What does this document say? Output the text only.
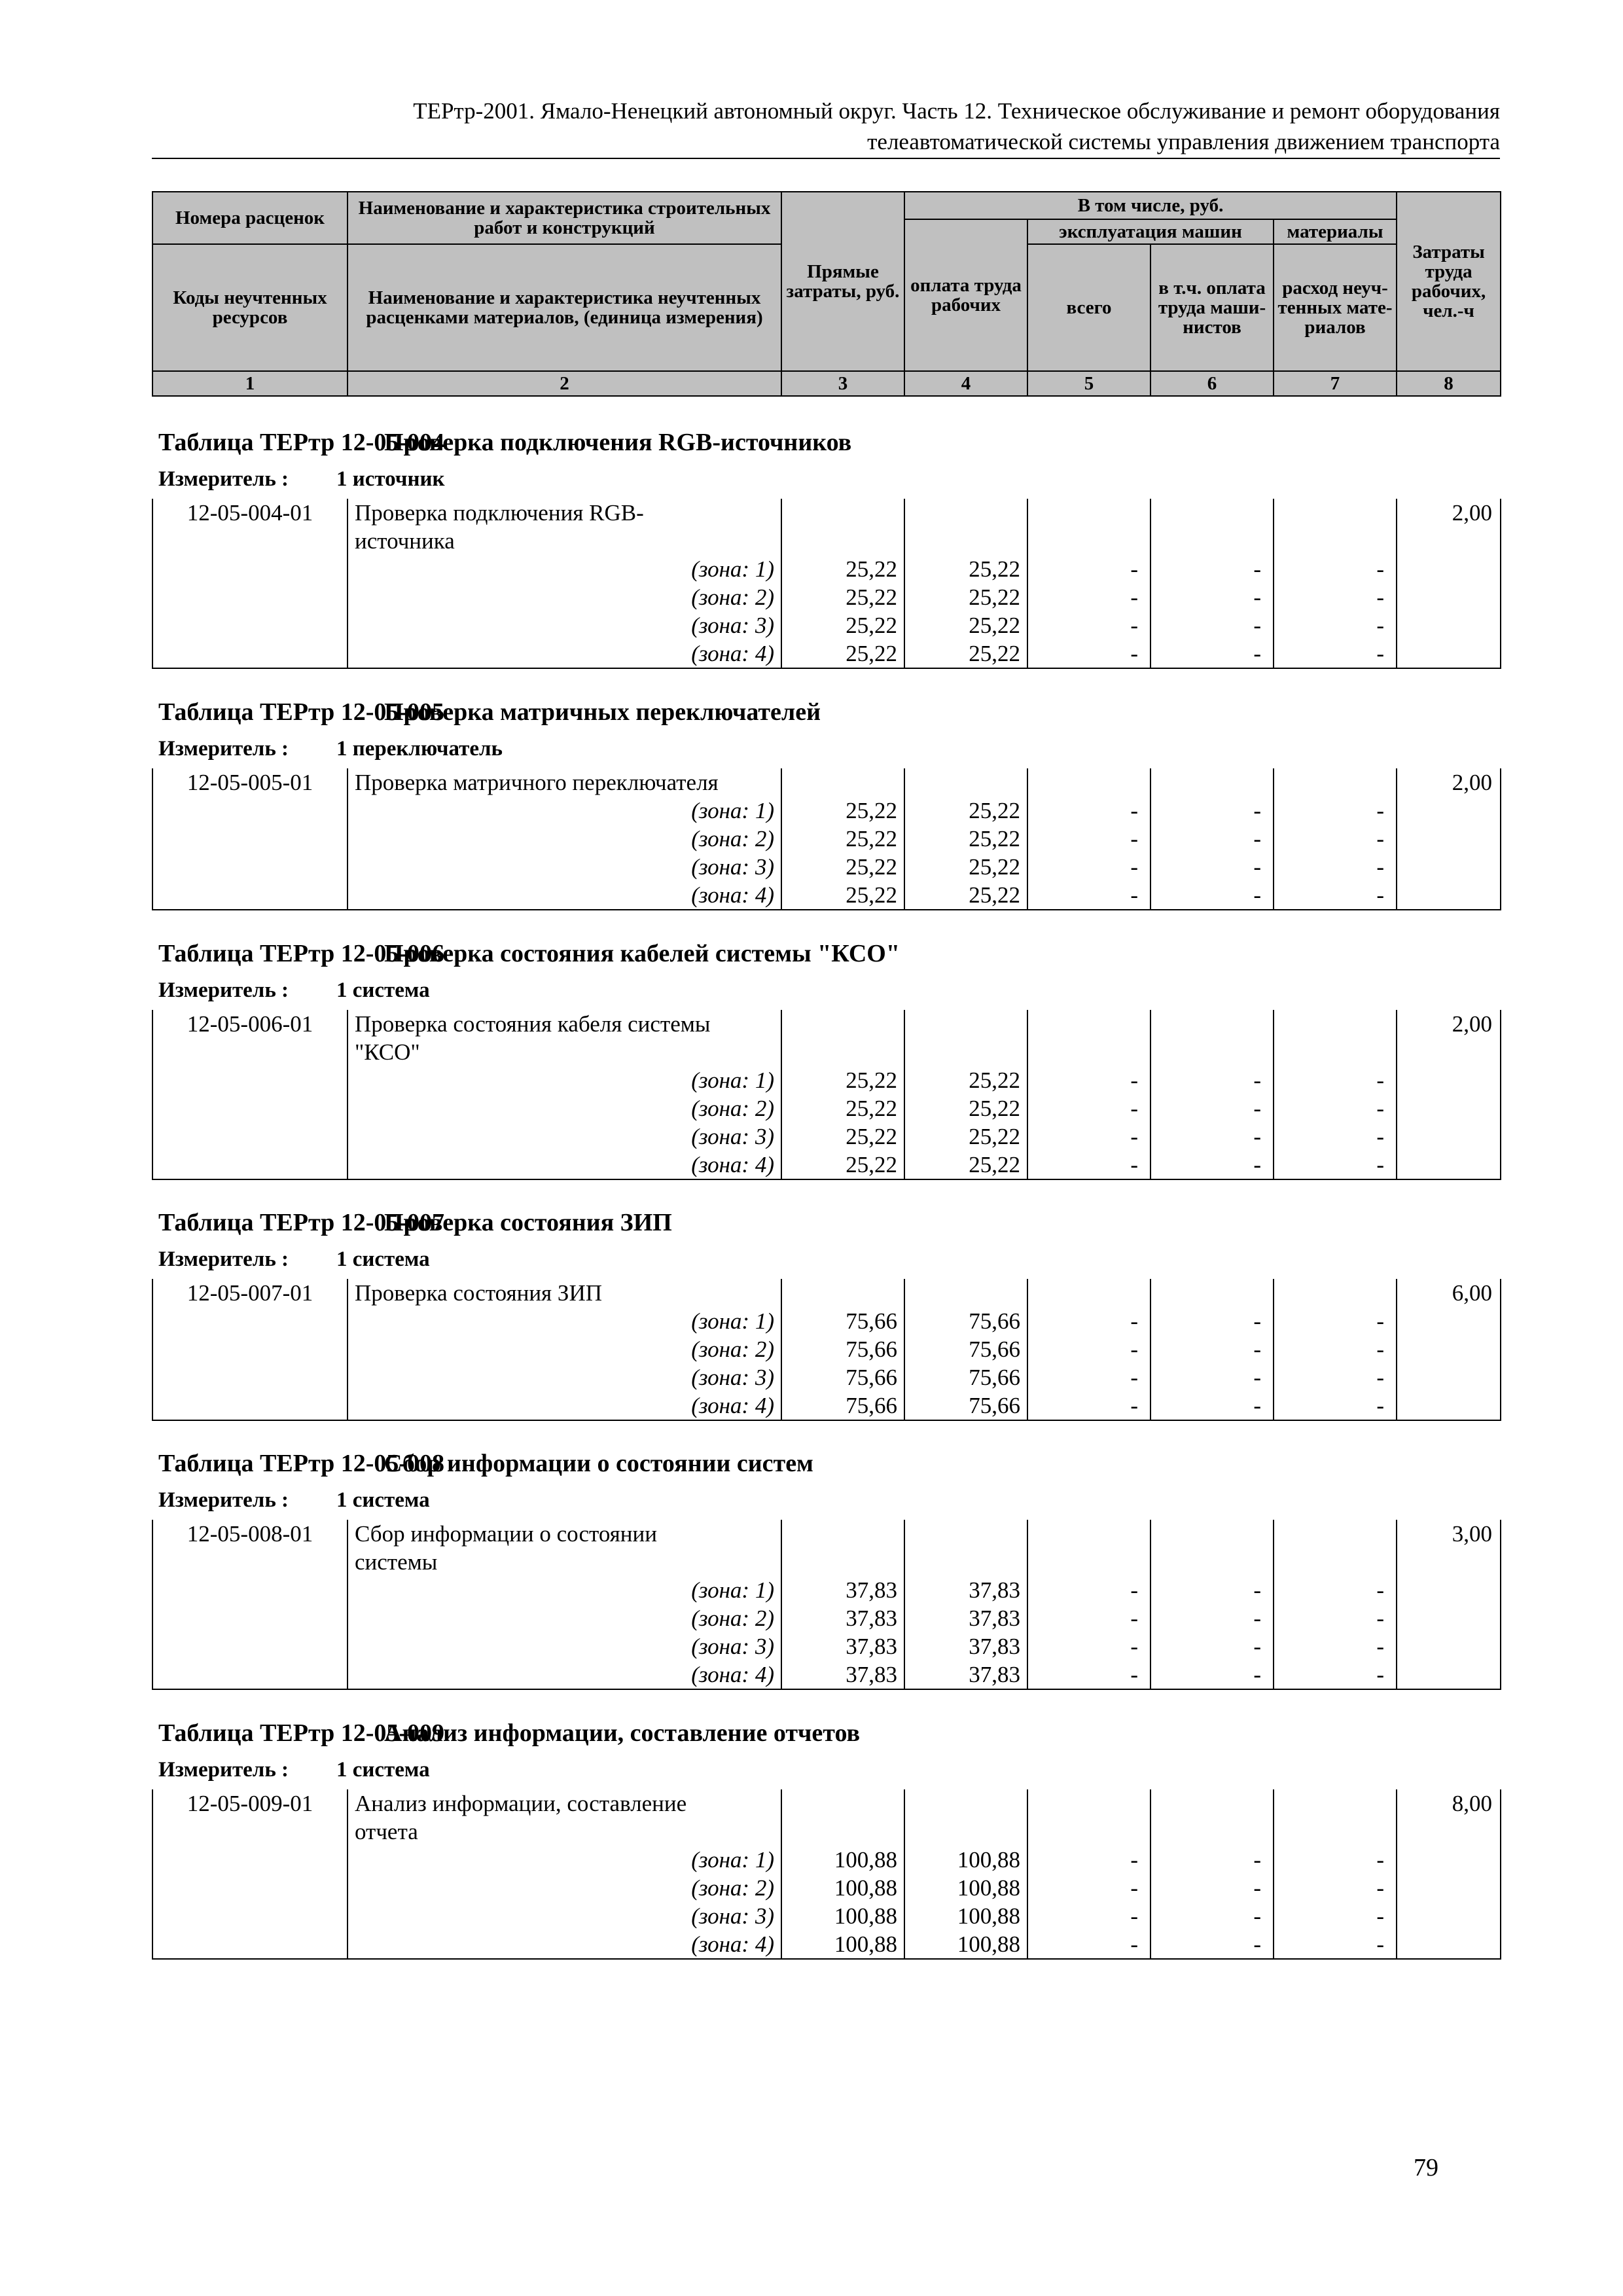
ТЕРтр-2001. Ямало-Ненецкий автономный округ. Часть 12. Техническое обслуживание и ремонт оборудования
телеавтоматической системы управления движением транспорта
Номера расценок	Наименование и характеристика строительных работ и конструкций	Прямые затраты, руб.	В том числе, руб.				Затраты труда рабочих, чел.-ч
			оплата труда рабочих	эксплуатация машин		материалы	
Коды неучтенных ресурсов	Наименование и характеристика неучтенных расценками материалов, (единица измерения)			всего	в т.ч. оплата труда маши-нистов	расход неуч-тенных мате-риалов	

1	2	3	4	5	6	7	8
Таблица ТЕРтр 12-05-004Проверка подключения RGB-источников
Измеритель : 1 источник
12-05-004-01	Проверка подключения RGB-
источника						2,00
	(зона: 1)	25,22	25,22	-	-	-	
	(зона: 2)	25,22	25,22	-	-	-	
	(зона: 3)	25,22	25,22	-	-	-	
	(зона: 4)	25,22	25,22	-	-	-	
Таблица ТЕРтр 12-05-005Проверка матричных переключателей
Измеритель : 1 переключатель
12-05-005-01	Проверка матричного переключателя						2,00
	(зона: 1)	25,22	25,22	-	-	-	
	(зона: 2)	25,22	25,22	-	-	-	
	(зона: 3)	25,22	25,22	-	-	-	
	(зона: 4)	25,22	25,22	-	-	-	
Таблица ТЕРтр 12-05-006Проверка состояния кабелей системы "КСО"
Измеритель : 1 система
12-05-006-01	Проверка состояния кабеля системы
"КСО"						2,00
	(зона: 1)	25,22	25,22	-	-	-	
	(зона: 2)	25,22	25,22	-	-	-	
	(зона: 3)	25,22	25,22	-	-	-	
	(зона: 4)	25,22	25,22	-	-	-	
Таблица ТЕРтр 12-05-007Проверка состояния ЗИП
Измеритель : 1 система
12-05-007-01	Проверка состояния ЗИП						6,00
	(зона: 1)	75,66	75,66	-	-	-	
	(зона: 2)	75,66	75,66	-	-	-	
	(зона: 3)	75,66	75,66	-	-	-	
	(зона: 4)	75,66	75,66	-	-	-	
Таблица ТЕРтр 12-05-008Сбор информации о состоянии систем
Измеритель : 1 система
12-05-008-01	Сбор информации о состоянии
системы						3,00
	(зона: 1)	37,83	37,83	-	-	-	
	(зона: 2)	37,83	37,83	-	-	-	
	(зона: 3)	37,83	37,83	-	-	-	
	(зона: 4)	37,83	37,83	-	-	-	
Таблица ТЕРтр 12-05-009Анализ информации, составление отчетов
Измеритель : 1 система
12-05-009-01	Анализ информации, составление
отчета						8,00
	(зона: 1)	100,88	100,88	-	-	-	
	(зона: 2)	100,88	100,88	-	-	-	
	(зона: 3)	100,88	100,88	-	-	-	
	(зона: 4)	100,88	100,88	-	-	-	
79
